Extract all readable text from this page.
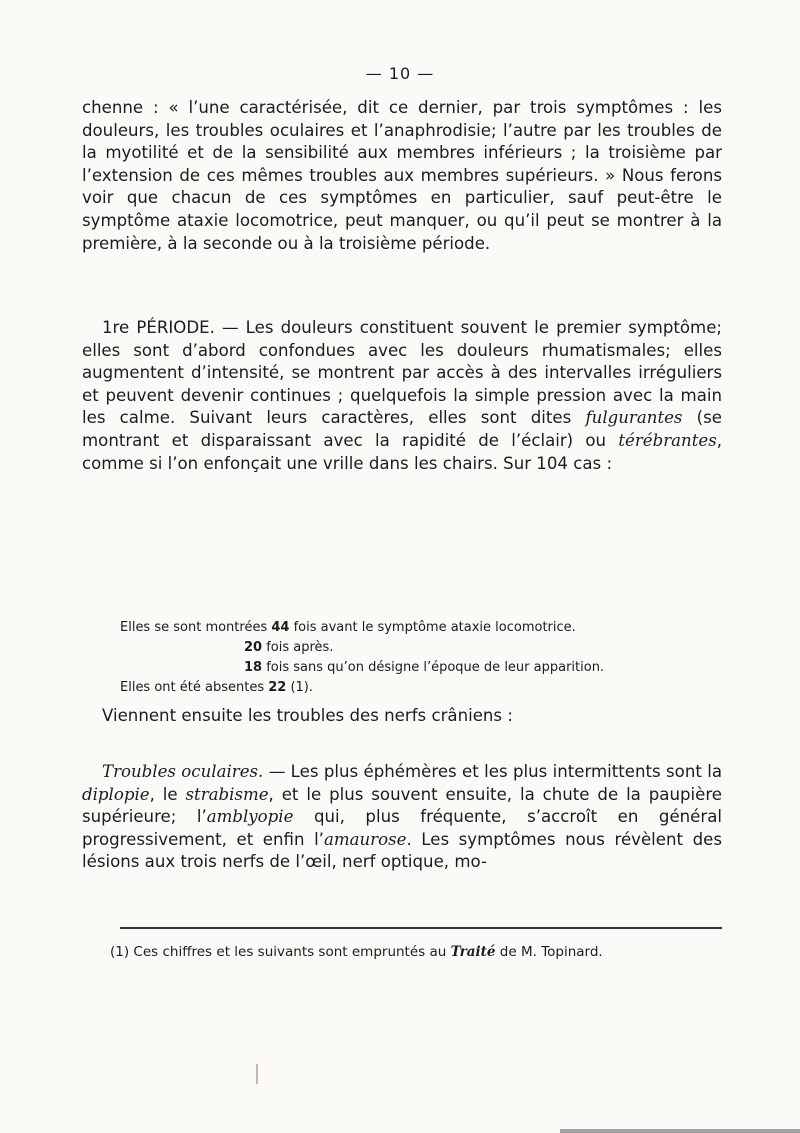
— 10 —

chenne : « l’une caractérisée, dit ce dernier, par trois symptômes : les douleurs, les troubles oculaires et l’anaphrodisie; l’autre par les troubles de la myotilité et de la sensibilité aux membres inférieurs ; la troisième par l’extension de ces mêmes troubles aux membres supérieurs. » Nous ferons voir que chacun de ces symptômes en particulier, sauf peut-être le symptôme ataxie locomotrice, peut manquer, ou qu’il peut se montrer à la première, à la seconde ou à la troisième période.

1re PÉRIODE. — Les douleurs constituent souvent le premier symptôme; elles sont d’abord confondues avec les douleurs rhumatismales; elles augmentent d’intensité, se montrent par accès à des intervalles irréguliers et peuvent devenir continues ; quelquefois la simple pression avec la main les calme. Suivant leurs caractères, elles sont dites fulgurantes (se montrant et disparaissant avec la rapidité de l’éclair) ou térébrantes, comme si l’on enfonçait une vrille dans les chairs. Sur 104 cas :

Elles se sont montrées 44 fois avant le symptôme ataxie locomotrice.
20 fois après.
18 fois sans qu’on désigne l’époque de leur apparition.
Elles ont été absentes 22 (1).

Viennent ensuite les troubles des nerfs crâniens :

Troubles oculaires. — Les plus éphémères et les plus intermittents sont la diplopie, le strabisme, et le plus souvent ensuite, la chute de la paupière supérieure; l’amblyopie qui, plus fréquente, s’accroît en général progressivement, et enfin l’amaurose. Les symptômes nous révèlent des lésions aux trois nerfs de l’œil, nerf optique, mo-

(1) Ces chiffres et les suivants sont empruntés au Traité de M. Topinard.
